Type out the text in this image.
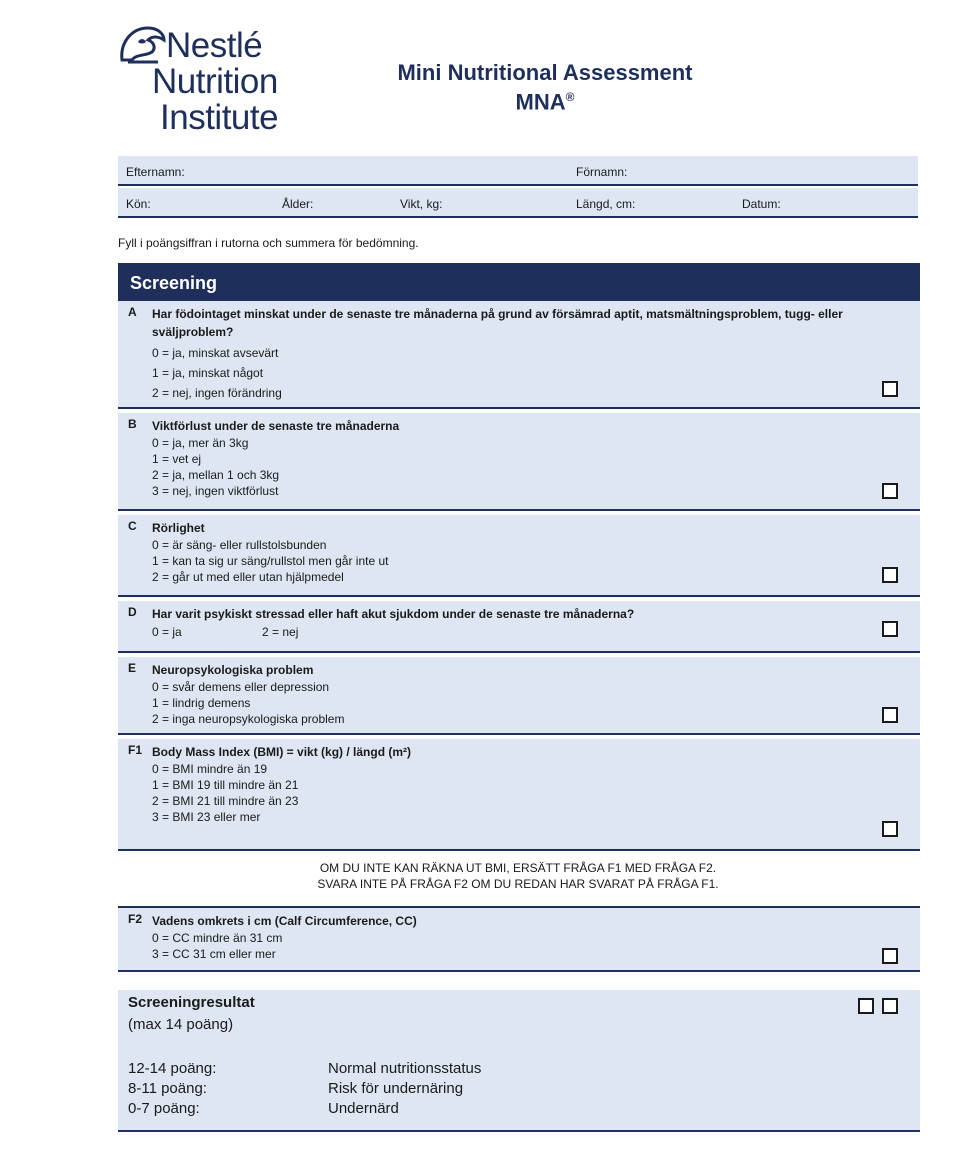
Nestlé
Nutrition
Institute
Mini Nutritional Assessment
MNA®
Efternamn:	Förnamn:
Kön:	Ålder:	Vikt, kg:	Längd, cm:	Datum:
Fyll i poängsiffran i rutorna och summera för bedömning.
Screening
A Har födointaget minskat under de senaste tre månaderna på grund av försämrad aptit, matsmältningsproblem, tugg- eller sväljproblem?
0 = ja, minskat avsevärt
1 = ja, minskat något
2 = nej, ingen förändring
B Viktförlust under de senaste tre månaderna
0 = ja, mer än 3kg
1 = vet ej
2 = ja, mellan 1 och 3kg
3 = nej, ingen viktförlust
C Rörlighet
0 = är säng- eller rullstolsbunden
1 = kan ta sig ur säng/rullstol men går inte ut
2 = går ut med eller utan hjälpmedel
D Har varit psykiskt stressad eller haft akut sjukdom under de senaste tre månaderna?
0 = ja	2 = nej
E Neuropsykologiska problem
0 = svår demens eller depression
1 = lindrig demens
2 = inga neuropsykologiska problem
F1 Body Mass Index (BMI) = vikt (kg) / längd (m²)
0 = BMI mindre än 19
1 = BMI 19 till mindre än 21
2 = BMI 21 till mindre än 23
3 = BMI 23 eller mer
OM DU INTE KAN RÄKNA UT BMI, ERSÄTT FRÅGA F1 MED FRÅGA F2.
SVARA INTE PÅ FRÅGA F2 OM DU REDAN HAR SVARAT PÅ FRÅGA F1.
F2 Vadens omkrets i cm (Calf Circumference, CC)
0 = CC mindre än 31 cm
3 = CC 31 cm eller mer
Screeningresultat
(max 14 poäng)
12-14 poäng:	Normal nutritionsstatus
8-11 poäng:	Risk för undernäring
0-7 poäng:	Undernärd
